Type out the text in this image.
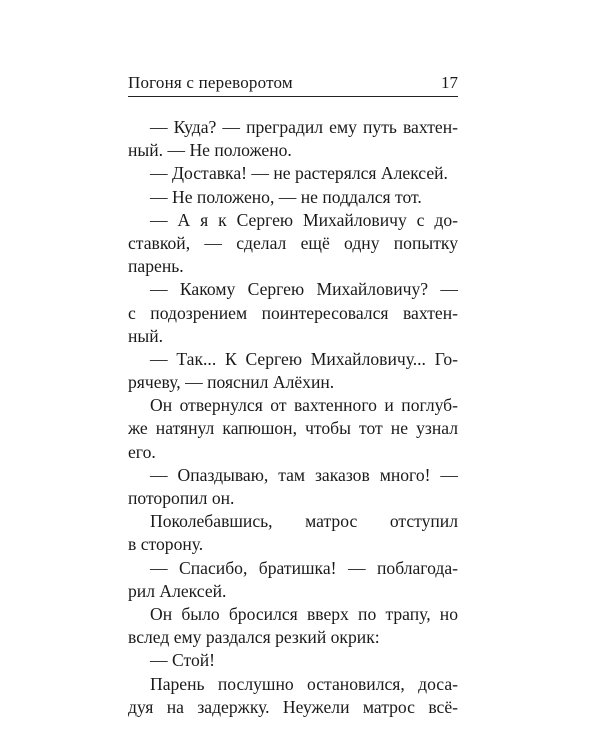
Погоня с переворотом	17
— Куда? — преградил ему путь вахтен-
ный. — Не положено.
— Доставка! — не растерялся Алексей.
— Не положено, — не поддался тот.
— А я к Сергею Михайловичу с до-
ставкой, — сделал ещё одну попытку
парень.
— Какому Сергею Михайловичу? —
с подозрением поинтересовался вахтен-
ный.
— Так... К Сергею Михайловичу... Го-
рячеву, — пояснил Алёхин.
Он отвернулся от вахтенного и поглуб-
же натянул капюшон, чтобы тот не узнал
его.
— Опаздываю, там заказов много! —
поторопил он.
Поколебавшись, матрос отступил
в сторону.
— Спасибо, братишка! — поблагода-
рил Алексей.
Он было бросился вверх по трапу, но
вслед ему раздался резкий окрик:
— Стой!
Парень послушно остановился, доса-
дуя на задержку. Неужели матрос всё-
